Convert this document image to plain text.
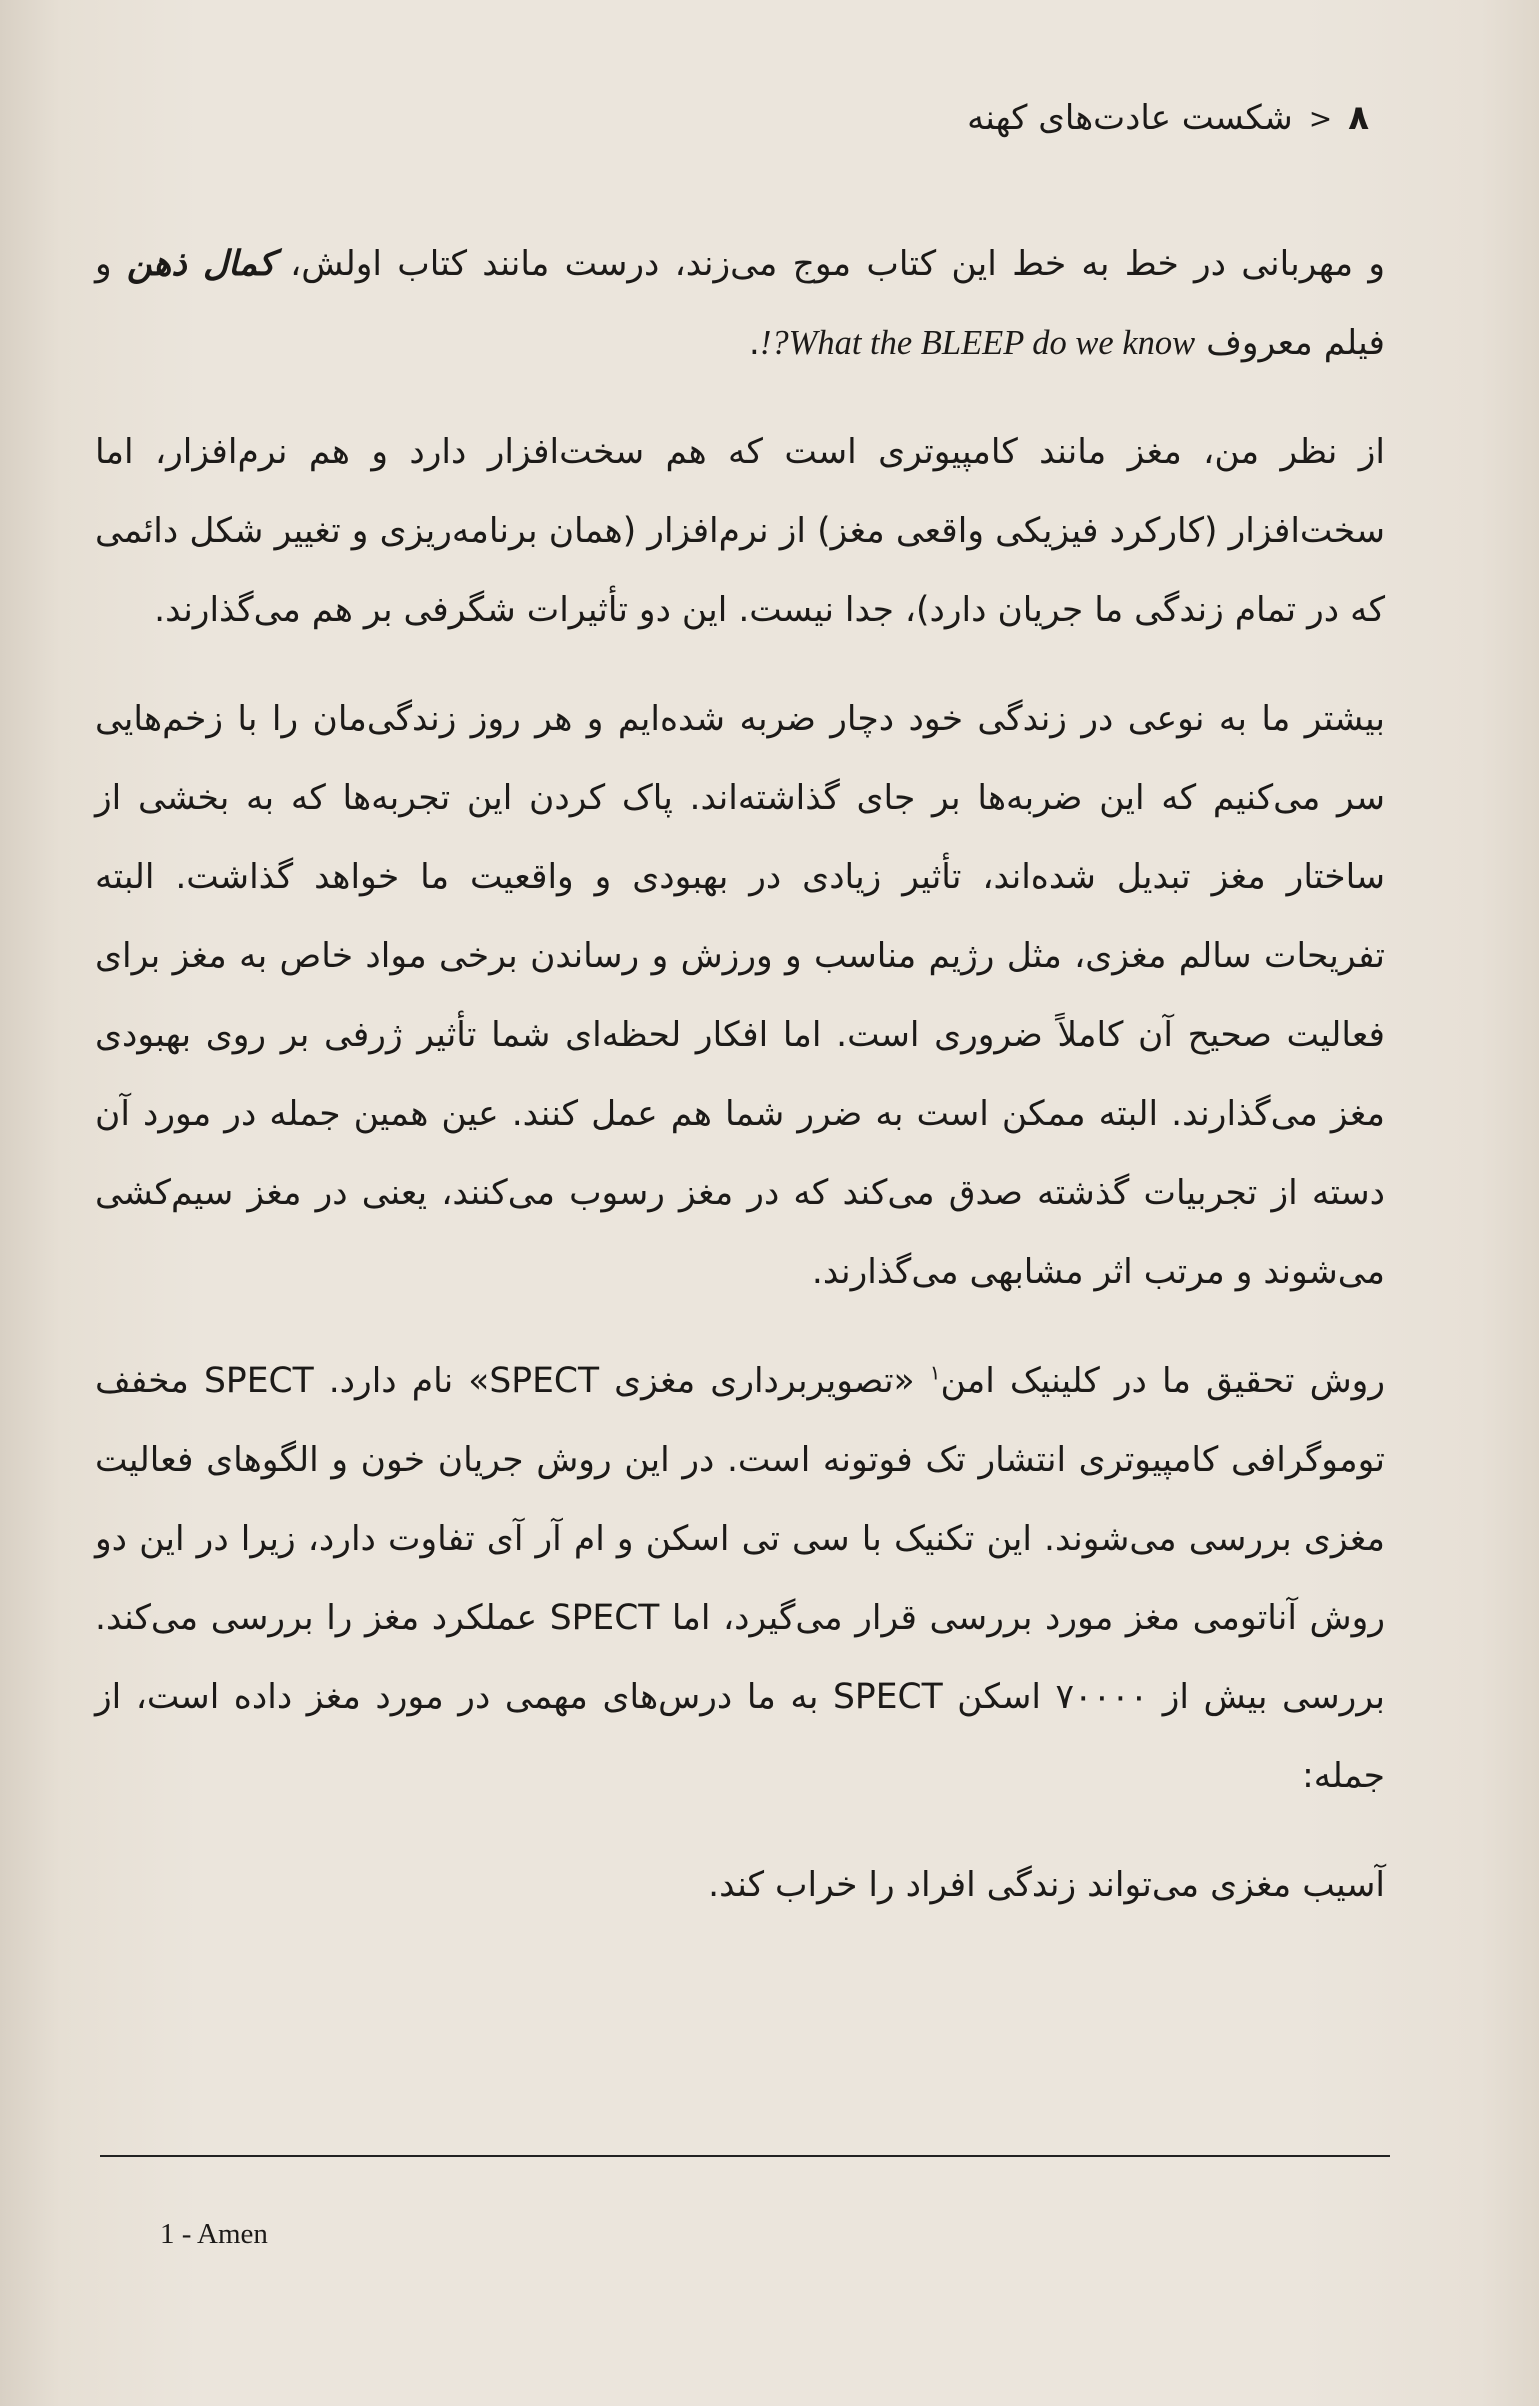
۸
<
شکست عادت‌های کهنه

و مهربانی در خط به خط این کتاب موج می‌زند، درست مانند کتاب اولش، کمال ذهن و فیلم معروف !?What the BLEEP do we know.

از نظر من، مغز مانند کامپیوتری است که هم سخت‌افزار دارد و هم نرم‌افزار، اما سخت‌افزار (کارکرد فیزیکی واقعی مغز) از نرم‌افزار (همان برنامه‌ریزی و تغییر شکل دائمی که در تمام زندگی ما جریان دارد)، جدا نیست. این دو تأثیرات شگرفی بر هم می‌گذارند.

بیشتر ما به نوعی در زندگی خود دچار ضربه شده‌ایم و هر روز زندگی‌مان را با زخم‌هایی سر می‌کنیم که این ضربه‌ها بر جای گذاشته‌اند. پاک کردن این تجربه‌ها که به بخشی از ساختار مغز تبدیل شده‌اند، تأثیر زیادی در بهبودی و واقعیت ما خواهد گذاشت. البته تفریحات سالم مغزی، مثل رژیم مناسب و ورزش و رساندن برخی مواد خاص به مغز برای فعالیت صحیح آن کاملاً ضروری است. اما افکار لحظه‌ای شما تأثیر ژرفی بر روی بهبودی مغز می‌گذارند. البته ممکن است به ضرر شما هم عمل کنند. عین همین جمله در مورد آن دسته از تجربیات گذشته صدق می‌کند که در مغز رسوب می‌کنند، یعنی در مغز سیم‌کشی می‌شوند و مرتب اثر مشابهی می‌گذارند.

روش تحقیق ما در کلینیک امن$^۱$ «تصویربرداری مغزی SPECT» نام دارد. SPECT مخفف توموگرافی کامپیوتری انتشار تک فوتونه است. در این روش جریان خون و الگوهای فعالیت مغزی بررسی می‌شوند. این تکنیک با سی تی اسکن و ام آر آی تفاوت دارد، زیرا در این دو روش آناتومی مغز مورد بررسی قرار می‌گیرد، اما SPECT عملکرد مغز را بررسی می‌کند. بررسی بیش از ۷۰۰۰۰ اسکن SPECT به ما درس‌های مهمی در مورد مغز داده است، از جمله:

آسیب مغزی می‌تواند زندگی افراد را خراب کند.

1 - Amen
